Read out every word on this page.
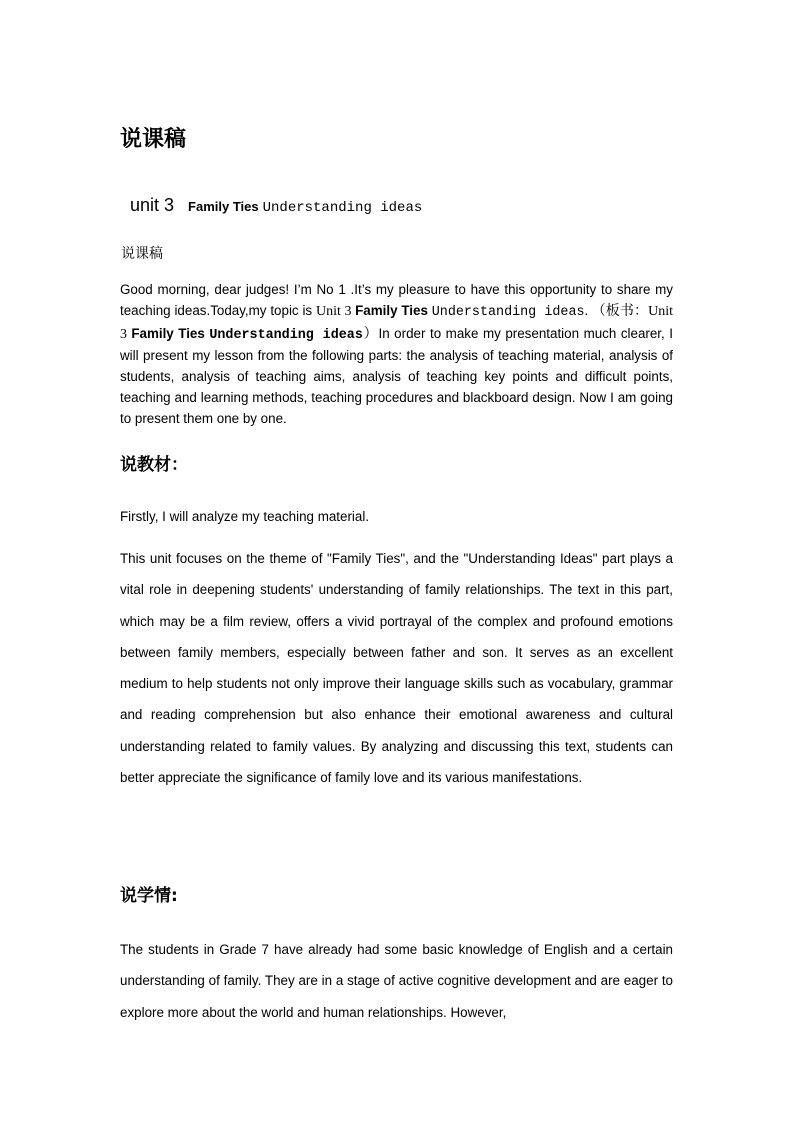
说课稿
unit 3 Family Ties Understanding ideas

说课稿

Good morning, dear judges! I’m No 1 .It’s my pleasure to have this opportunity to share my teaching ideas.Today,my topic is Unit 3 Family Ties Understanding ideas. （板书：Unit 3 Family Ties Understanding ideas）In order to make my presentation much clearer, I will present my lesson from the following parts: the analysis of teaching material, analysis of students, analysis of teaching aims, analysis of teaching key points and difficult points, teaching and learning methods, teaching procedures and blackboard design. Now I am going to present them one by one.

说教材：

Firstly, I will analyze my teaching material.

This unit focuses on the theme of "Family Ties", and the "Understanding Ideas" part plays a vital role in deepening students' understanding of family relationships. The text in this part, which may be a film review, offers a vivid portrayal of the complex and profound emotions between family members, especially between father and son. It serves as an excellent medium to help students not only improve their language skills such as vocabulary, grammar and reading comprehension but also enhance their emotional awareness and cultural understanding related to family values. By analyzing and discussing this text, students can better appreciate the significance of family love and its various manifestations.

说学情:

The students in Grade 7 have already had some basic knowledge of English and a certain understanding of family. They are in a stage of active cognitive development and are eager to explore more about the world and human relationships. However,
